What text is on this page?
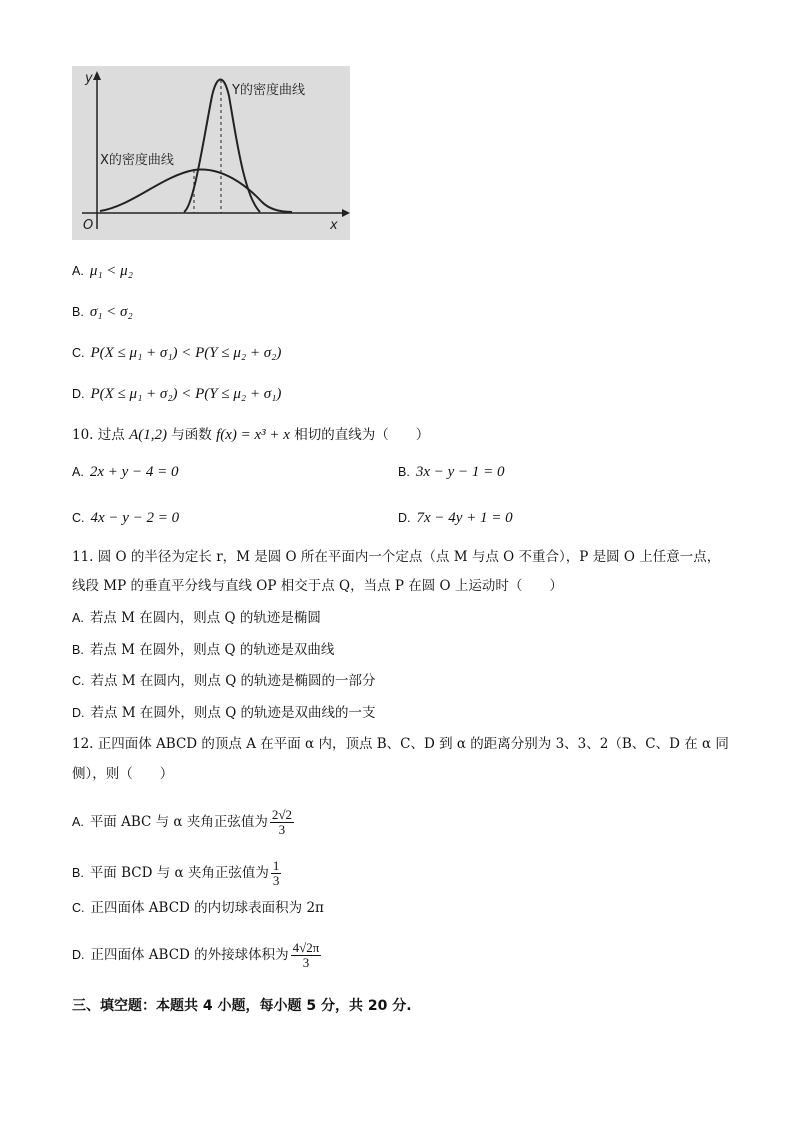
y
x
O
Y的密度曲线
X的密度曲线
A. μ₁ < μ₂
B. σ₁ < σ₂
C. P(X ≤ μ₁ + σ₁) < P(Y ≤ μ₂ + σ₂)
D. P(X ≤ μ₁ + σ₂) < P(Y ≤ μ₂ + σ₁)
10. 过点 A(1,2) 与函数 f(x) = x³ + x 相切的直线为（　　）
A. 2x + y − 4 = 0	B. 3x − y − 1 = 0
C. 4x − y − 2 = 0	D. 7x − 4y + 1 = 0
11. 圆 O 的半径为定长 r，M 是圆 O 所在平面内一个定点（点 M 与点 O 不重合），P 是圆 O 上任意一点，
线段 MP 的垂直平分线与直线 OP 相交于点 Q，当点 P 在圆 O 上运动时（　　）
A. 若点 M 在圆内，则点 Q 的轨迹是椭圆
B. 若点 M 在圆外，则点 Q 的轨迹是双曲线
C. 若点 M 在圆内，则点 Q 的轨迹是椭圆的一部分
D. 若点 M 在圆外，则点 Q 的轨迹是双曲线的一支
12. 正四面体 ABCD 的顶点 A 在平面 α 内，顶点 B、C、D 到 α 的距离分别为 3、3、2（B、C、D 在 α 同
侧），则（　　）
A. 平面 ABC 与 α 夹角正弦值为 $\frac{2√2}{3}$
B. 平面 BCD 与 α 夹角正弦值为 $\frac{1}{3}$
C. 正四面体 ABCD 的内切球表面积为 2π
D. 正四面体 ABCD 的外接球体积为 $\frac{4√2\pi}{3}$
三、填空题：本题共 4 小题，每小题 5 分，共 20 分.
